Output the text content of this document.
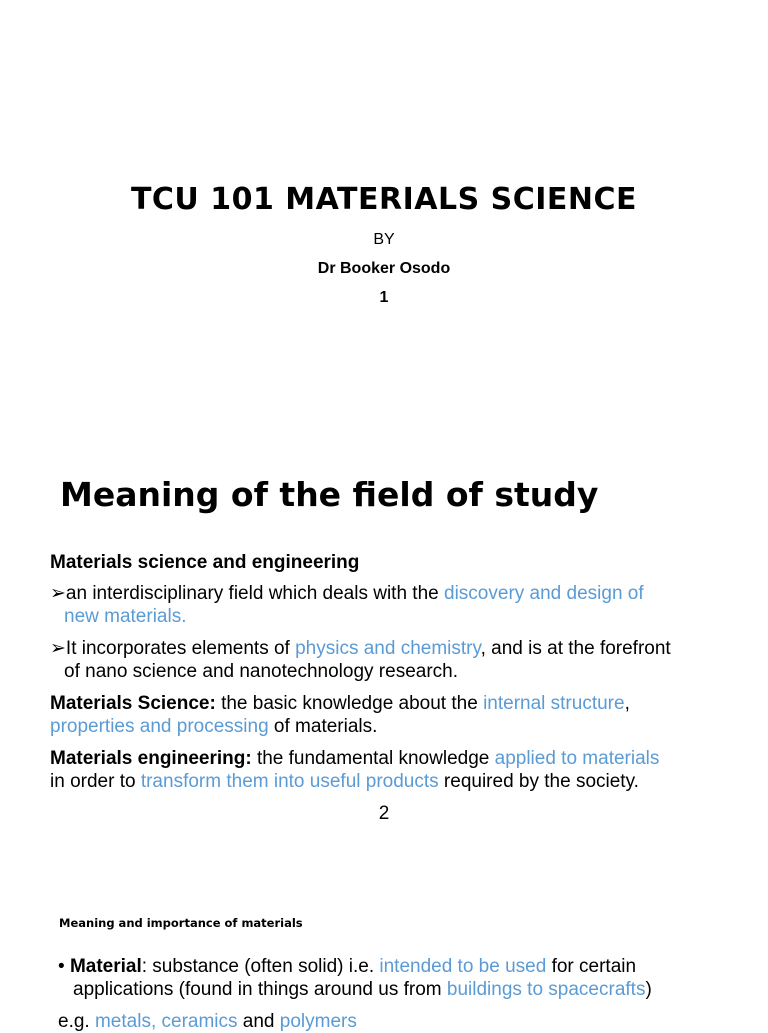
TCU 101 MATERIALS SCIENCE
BY
Dr Booker Osodo
1
Meaning of the field of study
Materials science and engineering
➢an interdisciplinary field which deals with the discovery and design of
new materials.
➢It incorporates elements of physics and chemistry, and is at the forefront
of nano science and nanotechnology research.
Materials Science: the basic knowledge about the internal structure,
properties and processing of materials.
Materials engineering: the fundamental knowledge applied to materials
in order to transform them into useful products required by the society.
2
Meaning and importance of materials
• Material: substance (often solid) i.e. intended to be used for certain
applications (found in things around us from buildings to spacecrafts)
e.g. metals, ceramics and polymers
